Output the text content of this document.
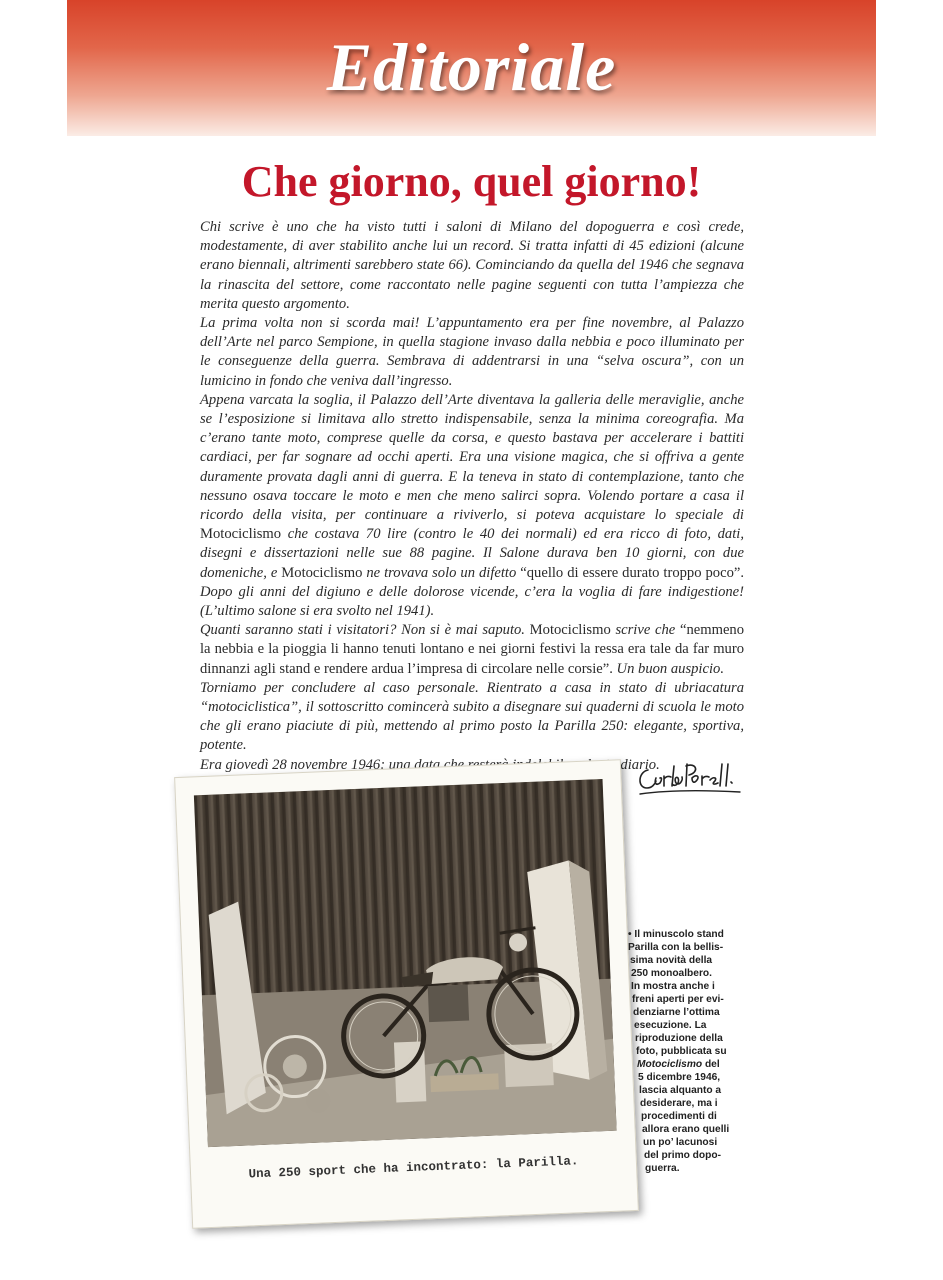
Editoriale
Che giorno, quel giorno!

Chi scrive è uno che ha visto tutti i saloni di Milano del dopoguerra e così crede, modestamente, di aver stabilito anche lui un record. Si tratta infatti di 45 edizioni (alcune erano biennali, altrimenti sarebbero state 66). Cominciando da quella del 1946 che segnava la rinascita del settore, come raccontato nelle pagine seguenti con tutta l’ampiezza che merita questo argomento.

La prima volta non si scorda mai! L’appuntamento era per fine novembre, al Palazzo dell’Arte nel parco Sempione, in quella stagione invaso dalla nebbia e poco illuminato per le conseguenze della guerra. Sembrava di addentrarsi in una “selva oscura”, con un lumicino in fondo che veniva dall’ingresso.

Appena varcata la soglia, il Palazzo dell’Arte diventava la galleria delle meraviglie, anche se l’esposizione si limitava allo stretto indispensabile, senza la minima coreografia. Ma c’erano tante moto, comprese quelle da corsa, e questo bastava per accelerare i battiti cardiaci, per far sognare ad occhi aperti. Era una visione magica, che si offriva a gente duramente provata dagli anni di guerra. E la teneva in stato di contemplazione, tanto che nessuno osava toccare le moto e men che meno salirci sopra. Volendo portare a casa il ricordo della visita, per continuare a riviverlo, si poteva acquistare lo speciale di Motociclismo che costava 70 lire (contro le 40 dei normali) ed era ricco di foto, dati, disegni e dissertazioni nelle sue 88 pagine. Il Salone durava ben 10 giorni, con due domeniche, e Motociclismo ne trovava solo un difetto “quello di essere durato troppo poco”. Dopo gli anni del digiuno e delle dolorose vicende, c’era la voglia di fare indigestione! (L’ultimo salone si era svolto nel 1941).

Quanti saranno stati i visitatori? Non si è mai saputo. Motociclismo scrive che “nemmeno la nebbia e la pioggia li hanno tenuti lontano e nei giorni festivi la ressa era tale da far muro dinnanzi agli stand e rendere ardua l’impresa di circolare nelle corsie”. Un buon auspicio.

Torniamo per concludere al caso personale. Rientrato a casa in stato di ubriacatura “motociclistica”, il sottoscritto comincerà subito a disegnare sui quaderni di scuola le moto che gli erano piaciute di più, mettendo al primo posto la Parilla 250: elegante, sportiva, potente.

Era giovedì 28 novembre 1946: una data che resterà indelebile nel mio diario.

Una 250 sport che ha incontrato: la Parilla.

• Il minuscolo stand
Parilla con la bellis-
sima novità della
250 monoalbero.
In mostra anche i
freni aperti per evi-
denziarne l’ottima
esecuzione. La
riproduzione della
foto, pubblicata su
Motociclismo del
5 dicembre 1946,
lascia alquanto a
desiderare, ma i
procedimenti di
allora erano quelli
un po’ lacunosi
del primo dopo-
guerra.
